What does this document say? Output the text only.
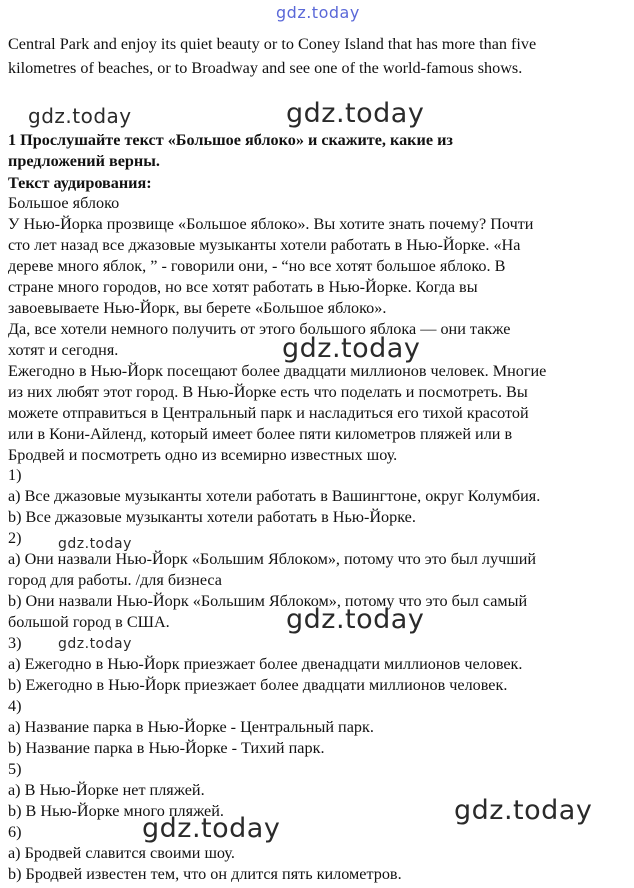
gdz.today
gdz.today	gdz.today
gdz.today
gdz.today
gdz.today
gdz.today
gdz.today
gdz.today
Central Park and enjoy its quiet beauty or to Coney Island that has more than five
kilometres of beaches, or to Broadway and see one of the world-famous shows.
1 Прослушайте текст «Большое яблоко» и скажите, какие из
предложений верны.
Текст аудирования:
Большое яблоко
У Нью-Йорка прозвище «Большое яблоко». Вы хотите знать почему? Почти
сто лет назад все джазовые музыканты хотели работать в Нью-Йорке. «На
дереве много яблок, ” - говорили они, - “но все хотят большое яблоко. В
стране много городов, но все хотят работать в Нью-Йорке. Когда вы
завоевываете Нью-Йорк, вы берете «Большое яблоко».
Да, все хотели немного получить от этого большого яблока — они также
хотят и сегодня.
Ежегодно в Нью-Йорк посещают более двадцати миллионов человек. Многие
из них любят этот город. В Нью-Йорке есть что поделать и посмотреть. Вы
можете отправиться в Центральный парк и насладиться его тихой красотой
или в Кони-Айленд, который имеет более пяти километров пляжей или в
Бродвей и посмотреть одно из всемирно известных шоу.
1)
a) Все джазовые музыканты хотели работать в Вашингтоне, округ Колумбия.
b) Все джазовые музыканты хотели работать в Нью-Йорке.
2)
a) Они назвали Нью-Йорк «Большим Яблоком», потому что это был лучший
город для работы. /для бизнеса
b) Они назвали Нью-Йорк «Большим Яблоком», потому что это был самый
большой город в США.
3)
a) Ежегодно в Нью-Йорк приезжает более двенадцати миллионов человек.
b) Ежегодно в Нью-Йорк приезжает более двадцати миллионов человек.
4)
a) Название парка в Нью-Йорке - Центральный парк.
b) Название парка в Нью-Йорке - Тихий парк.
5)
a) В Нью-Йорке нет пляжей.
b) В Нью-Йорке много пляжей.
6)
a) Бродвей славится своими шоу.
b) Бродвей известен тем, что он длится пять километров.
